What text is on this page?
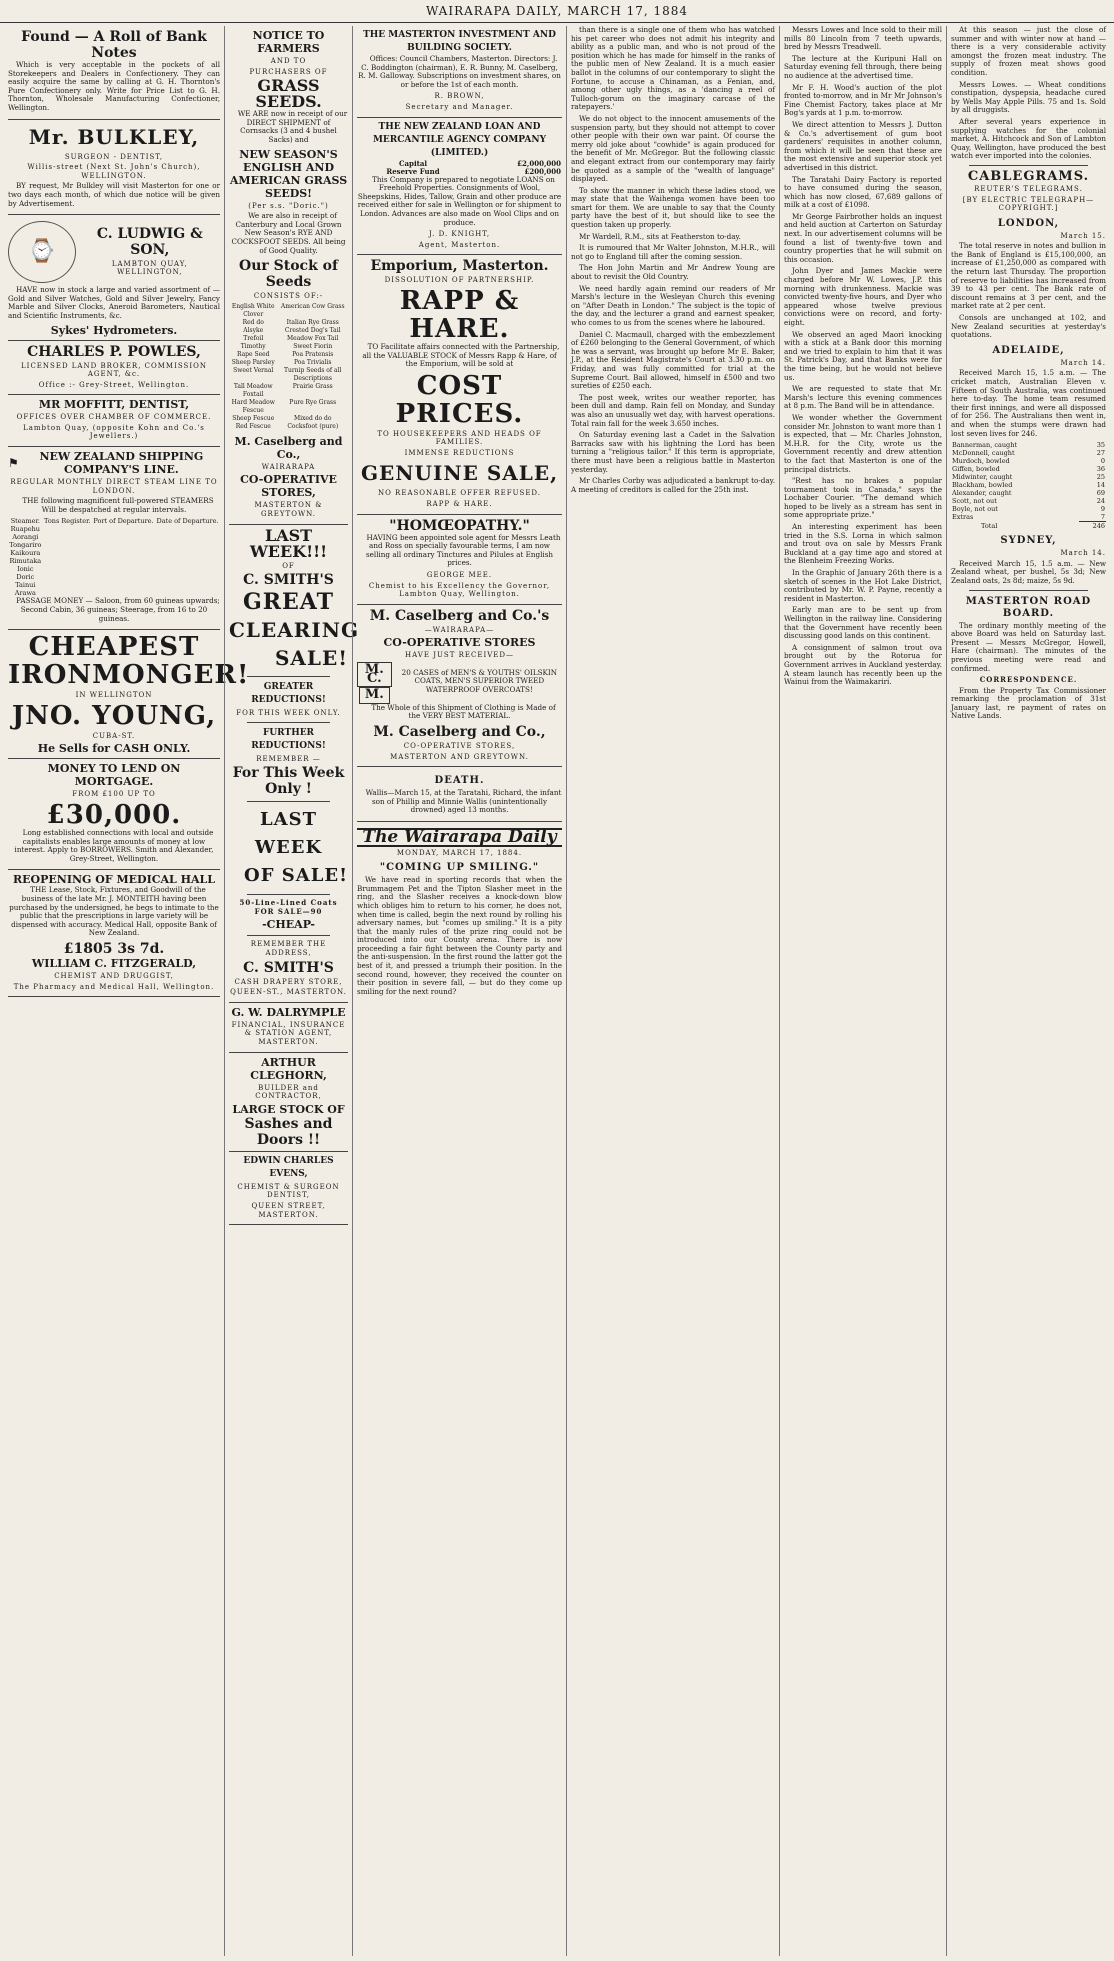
WAIRARAPA DAILY, MARCH 17, 1884
Found — A Roll of Bank Notes

Which is very acceptable in the pockets of all Storekeepers and Dealers in Confectionery. They can easily acquire the same by calling at G. H. Thornton's Pure Confectionery only. Write for Price List to G. H. Thornton, Wholesale Manufacturing Confectioner, Wellington.

Mr. BULKLEY,
SURGEON - DENTIST,
Willis-street (Next St. John's Church), WELLINGTON.

BY request, Mr Bulkley will visit Masterton for one or two days each month, of which due notice will be given by Advertisement.

⌚
C. LUDWIG & SON,
LAMBTON QUAY, WELLINGTON,

HAVE now in stock a large and varied assortment of — Gold and Silver Watches, Gold and Silver Jewelry, Fancy Marble and Silver Clocks, Aneroid Barometers, Nautical and Scientific Instruments, &c.

Sykes' Hydrometers.
CHARLES P. POWLES,
LICENSED LAND BROKER, COMMISSION AGENT, &c.
Office :- Grey-Street, Wellington.
MR MOFFITT, DENTIST,
OFFICES OVER CHAMBER OF COMMERCE.
Lambton Quay, (opposite Kohn and Co.'s Jewellers.)
⚑	NEW ZEALAND SHIPPING COMPANY'S LINE.
REGULAR MONTHLY DIRECT STEAM LINE TO LONDON.

THE following magnificent full-powered STEAMERS Will be despatched at regular intervals.

Steamer.	Tons Register.	Port of Departure.	Date of Departure.
Ruapehu			
Aorangi			
Tongariro			
Kaikoura			
Rimutaka			
Ionic			
Doric			
Tainui			
Arawa			

PASSAGE MONEY — Saloon, from 60 guineas upwards; Second Cabin, 36 guineas; Steerage, from 16 to 20 guineas.

CHEAPEST
IRONMONGER!
IN WELLINGTON
JNO. YOUNG,
CUBA-ST.
He Sells for CASH ONLY.
MONEY TO LEND ON MORTGAGE.
FROM £100 UP TO
£30,000.

Long established connections with local and outside capitalists enables large amounts of money at low interest. Apply to BORROWERS. Smith and Alexander, Grey-Street, Wellington.

REOPENING OF MEDICAL HALL

THE Lease, Stock, Fixtures, and Goodwill of the business of the late Mr. J. MONTEITH having been purchased by the undersigned, he begs to intimate to the public that the prescriptions in large variety will be dispensed with accuracy. Medical Hall, opposite Bank of New Zealand.

£1805 3s 7d.
WILLIAM C. FITZGERALD,
CHEMIST AND DRUGGIST,
The Pharmacy and Medical Hall, Wellington.
NOTICE TO FARMERS
AND TO
PURCHASERS OF
GRASS SEEDS.

WE ARE now in receipt of our DIRECT SHIPMENT of Cornsacks (3 and 4 bushel Sacks) and

NEW SEASON'S
ENGLISH AND AMERICAN GRASS SEEDS!
(Per s.s. "Doric.")

We are also in receipt of Canterbury and Local Grown New Season's RYE AND COCKSFOOT SEEDS. All being of Good Quality.

Our Stock of Seeds
CONSISTS OF:-
English White Clover	American Cow Grass
Red do	Italian Rye Grass
Alsyke	Crested Dog's Tail
Trefoil	Meadow Fox Tail
Timothy	Sweet Fiorin
Rape Seed	Poa Pratensis
Sheep Parsley	Poa Trivialis
Sweet Vernal	Turnip Seeds of all Descriptions
Tall Meadow Foxtail	Prairie Grass
Hard Meadow Fescue	Pure Rye Grass
Sheep Fescue	Mixed do do
Red Fescue	Cocksfoot (pure)
M. Caselberg and Co.,
WAIRARAPA
CO-OPERATIVE STORES,
MASTERTON & GREYTOWN.
LAST WEEK!!!
OF
C. SMITH'S
GREAT
CLEARING
SALE!
GREATER REDUCTIONS!
FOR THIS WEEK ONLY.
FURTHER REDUCTIONS!
REMEMBER —
For This Week Only !
LAST WEEK
OF SALE!
50-Line-Lined Coats FOR SALE—90
-CHEAP-
REMEMBER THE ADDRESS,
C. SMITH'S
CASH DRAPERY STORE,
QUEEN-ST., MASTERTON.
G. W. DALRYMPLE
FINANCIAL, INSURANCE & STATION AGENT, MASTERTON.
ARTHUR CLEGHORN,
BUILDER and CONTRACTOR,
LARGE STOCK OF
Sashes and Doors !!
EDWIN CHARLES EVENS,
CHEMIST & SURGEON DENTIST,
QUEEN STREET, MASTERTON.
THE MASTERTON INVESTMENT AND BUILDING SOCIETY.

Offices: Council Chambers, Masterton. Directors: J. C. Boddington (chairman), E. R. Bunny, M. Caselberg, R. M. Galloway. Subscriptions on investment shares, on or before the 1st of each month.

R. BROWN,
Secretary and Manager.
THE NEW ZEALAND LOAN AND MERCANTILE AGENCY COMPANY (LIMITED.)
Capital	£2,000,000
Reserve Fund	£200,000

This Company is prepared to negotiate LOANS on Freehold Properties. Consignments of Wool, Sheepskins, Hides, Tallow, Grain and other produce are received either for sale in Wellington or for shipment to London. Advances are also made on Wool Clips and on produce.

J. D. KNIGHT,
Agent, Masterton.
Emporium, Masterton.
DISSOLUTION OF PARTNERSHIP.
RAPP & HARE.

TO Facilitate affairs connected with the Partnership, all the VALUABLE STOCK of Messrs Rapp & Hare, of the Emporium, will be sold at

COST PRICES.
TO HOUSEKEEPERS AND HEADS OF FAMILIES.
IMMENSE REDUCTIONS
GENUINE SALE,
NO REASONABLE OFFER REFUSED.
RAPP & HARE.
"HOMŒOPATHY."

HAVING been appointed sole agent for Messrs Leath and Ross on specially favourable terms, I am now selling all ordinary Tinctures and Pilules at English prices.

GEORGE MEE.
Chemist to his Excellency the Governor, Lambton Quay, Wellington.
M. Caselberg and Co.'s
—WAIRARAPA—
CO-OPERATIVE STORES
HAVE JUST RECEIVED—
M. C. M.

20 CASES of MEN'S & YOUTHS' OILSKIN COATS, MEN'S SUPERIOR TWEED WATERPROOF OVERCOATS!

The Whole of this Shipment of Clothing is Made of the VERY BEST MATERIAL.

M. Caselberg and Co.,
CO-OPERATIVE STORES,
MASTERTON AND GREYTOWN.
DEATH.

Wallis—March 15, at the Taratahi, Richard, the infant son of Phillip and Minnie Wallis (unintentionally drowned) aged 13 months.

The Wairarapa Daily
MONDAY, MARCH 17, 1884.
"COMING UP SMILING."

We have read in sporting records that when the Brummagem Pet and the Tipton Slasher meet in the ring, and the Slasher receives a knock-down blow which obliges him to return to his corner, he does not, when time is called, begin the next round by rolling his adversary names, but "comes up smiling." It is a pity that the manly rules of the prize ring could not be introduced into our County arena. There is now proceeding a fair fight between the County party and the anti-suspension. In the first round the latter got the best of it, and pressed a triumph their position. In the second round, however, they received the counter on their position in severe fall, — but do they come up smiling for the next round?

than there is a single one of them who has watched his pet career who does not admit his integrity and ability as a public man, and who is not proud of the position which he has made for himself in the ranks of the public men of New Zealand. It is a much easier ballot in the columns of our contemporary to slight the Fortune, to accuse a Chinaman, as a Fenian, and, among other ugly things, as a 'dancing a reel of Tulloch-gorum on the imaginary carcase of the ratepayers.'

We do not object to the innocent amusements of the suspension party, but they should not attempt to cover other people with their own war paint. Of course the merry old joke about "cowhide" is again produced for the benefit of Mr. McGregor. But the following classic and elegant extract from our contemporary may fairly be quoted as a sample of the "wealth of language" displayed.

To show the manner in which these ladies stood, we may state that the Waihenga women have been too smart for them. We are unable to say that the County party have the best of it, but should like to see the question taken up properly.

Mr Wardell, R.M., sits at Featherston to-day.

It is rumoured that Mr Walter Johnston, M.H.R., will not go to England till after the coming session.

The Hon John Martin and Mr Andrew Young are about to revisit the Old Country.

We need hardly again remind our readers of Mr Marsh's lecture in the Wesleyan Church this evening on "After Death in London." The subject is the topic of the day, and the lecturer a grand and earnest speaker, who comes to us from the scenes where he laboured.

Daniel C. Macmaull, charged with the embezzlement of £260 belonging to the General Government, of which he was a servant, was brought up before Mr E. Baker, J.P., at the Resident Magistrate's Court at 3.30 p.m. on Friday, and was fully committed for trial at the Supreme Court. Bail allowed, himself in £500 and two sureties of £250 each.

The post week, writes our weather reporter, has been dull and damp. Rain fell on Monday, and Sunday was also an unusually wet day, with harvest operations. Total rain fall for the week 3.650 inches.

On Saturday evening last a Cadet in the Salvation Barracks saw with his lightning the Lord has been turning a "religious tailor." If this term is appropriate, there must have been a religious battle in Masterton yesterday.

Mr Charles Corby was adjudicated a bankrupt to-day. A meeting of creditors is called for the 25th inst.

Messrs Lowes and Ince sold to their mill mills 80 Lincoln from 7 teeth upwards, bred by Messrs Treadwell.

The lecture at the Kuripuni Hall on Saturday evening fell through, there being no audience at the advertised time.

Mr F. H. Wood's auction of the plot fronted to-morrow, and in Mr Mr Johnson's Fine Chemist Factory, takes place at Mr Bog's yards at 1 p.m. to-morrow.

We direct attention to Messrs J. Dutton & Co.'s advertisement of gum boot gardeners' requisites in another column, from which it will be seen that these are the most extensive and superior stock yet advertised in this district.

The Taratahi Dairy Factory is reported to have consumed during the season, which has now closed, 67,689 gallons of milk at a cost of £1098.

Mr George Fairbrother holds an inquest and held auction at Carterton on Saturday next. In our advertisement columns will be found a list of twenty-five town and country properties that he will submit on this occasion.

John Dyer and James Mackie were charged before Mr W. Lowes, J.P. this morning with drunkenness. Mackie was convicted twenty-five hours, and Dyer who appeared whose twelve previous convictions were on record, and forty-eight.

We observed an aged Maori knocking with a stick at a Bank door this morning and we tried to explain to him that it was St. Patrick's Day, and that Banks were for the time being, but he would not believe us.

We are requested to state that Mr. Marsh's lecture this evening commences at 8 p.m. The Band will be in attendance.

We wonder whether the Government consider Mr. Johnston to want more than 1 is expected, that — Mr. Charles Johnston, M.H.R. for the City, wrote us the Government recently and drew attention to the fact that Masterton is one of the principal districts.

"Rest has no brakes a popular tournament took in Canada," says the Lochaber Courier. "The demand which hoped to be lively as a stream has sent in some appropriate prize."

An interesting experiment has been tried in the S.S. Lorna in which salmon and trout ova on sale by Messrs Frank Buckland at a gay time ago and stored at the Blenheim Freezing Works.

In the Graphic of January 26th there is a sketch of scenes in the Hot Lake District, contributed by Mr. W. P. Payne, recently a resident in Masterton.

Early man are to be sent up from Wellington in the railway line. Considering that the Government have recently been discussing good lands on this continent.

A consignment of salmon trout ova brought out by the Rotorua for Government arrives in Auckland yesterday. A steam launch has recently been up the Wainui from the Waimakariri.

At this season — just the close of summer and with winter now at hand — there is a very considerable activity amongst the frozen meat industry. The supply of frozen meat shows good condition.

Messrs Lowes. — Wheat conditions constipation, dyspepsia, headache cured by Wells May Apple Pills. 75 and 1s. Sold by all druggists.

After several years experience in supplying watches for the colonial market, A. Hitchcock and Son of Lambton Quay, Wellington, have produced the best watch ever imported into the colonies.

CABLEGRAMS.
REUTER'S TELEGRAMS.
[BY ELECTRIC TELEGRAPH—COPYRIGHT.]
LONDON,
March 15.

The total reserve in notes and bullion in the Bank of England is £15,100,000, an increase of £1,250,000 as compared with the return last Thursday. The proportion of reserve to liabilities has increased from 39 to 43 per cent. The Bank rate of discount remains at 3 per cent, and the market rate at 2 per cent.

Consols are unchanged at 102, and New Zealand securities at yesterday's quotations.

ADELAIDE,
March 14.

Received March 15, 1.5 a.m. — The cricket match, Australian Eleven v. Fifteen of South Australia, was continued here to-day. The home team resumed their first innings, and were all dispossed of for 256. The Australians then went in, and when the stumps were drawn had lost seven lives for 246.

Bannerman, caught	35
McDonnell, caught	27
Murdoch, bowled	0
Giffen, bowled	36
Midwinter, caught	25
Blackham, bowled	14
Alexander, caught	69
Scott, not out	24
Boyle, not out	9
Extras	7
Total	246
SYDNEY,
March 14.

Received March 15, 1.5 a.m. — New Zealand wheat, per bushel, 5s 3d; New Zealand oats, 2s 8d; maize, 5s 9d.

MASTERTON ROAD BOARD.

The ordinary monthly meeting of the above Board was held on Saturday last. Present — Messrs McGregor, Howell, Hare (chairman). The minutes of the previous meeting were read and confirmed.

CORRESPONDENCE.

From the Property Tax Commissioner remarking the proclamation of 31st January last, re payment of rates on Native Lands.
